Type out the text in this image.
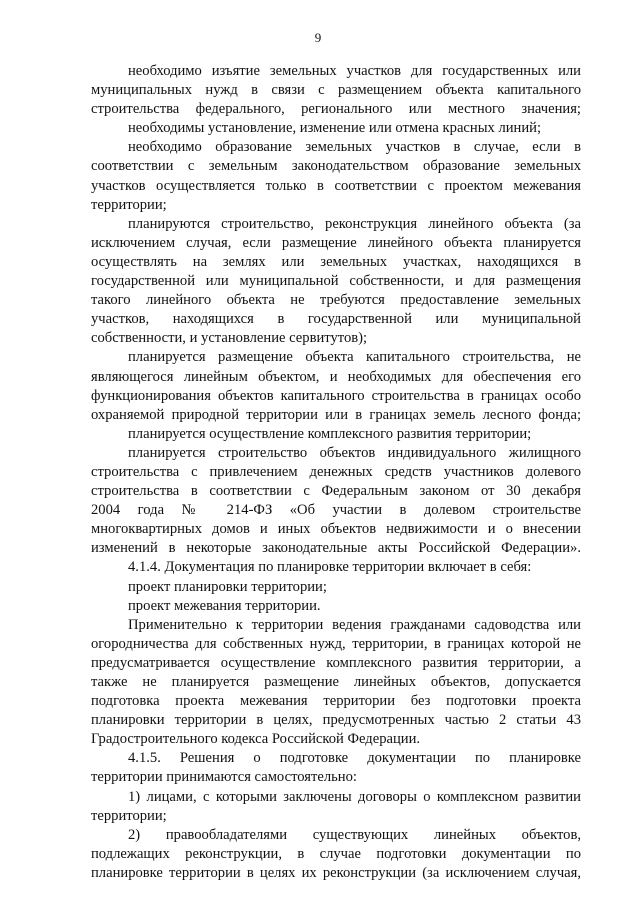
9
необходимо изъятие земельных участков для государственных или
муниципальных нужд в связи с размещением объекта капитального
строительства федерального, регионального или местного значения;
необходимы установление, изменение или отмена красных линий;
необходимо образование земельных участков в случае, если в
соответствии с земельным законодательством образование земельных
участков осуществляется только в соответствии с проектом межевания
территории;
планируются строительство, реконструкция линейного объекта (за
исключением случая, если размещение линейного объекта планируется
осуществлять на землях или земельных участках, находящихся в
государственной или муниципальной собственности, и для размещения
такого линейного объекта не требуются предоставление земельных
участков, находящихся в государственной или муниципальной
собственности, и установление сервитутов);
планируется размещение объекта капитального строительства, не
являющегося линейным объектом, и необходимых для обеспечения его
функционирования объектов капитального строительства в границах особо
охраняемой природной территории или в границах земель лесного фонда;
планируется осуществление комплексного развития территории;
планируется строительство объектов индивидуального жилищного
строительства с привлечением денежных средств участников долевого
строительства в соответствии с Федеральным законом от 30 декабря
2004 года № 214-ФЗ «Об участии в долевом строительстве
многоквартирных домов и иных объектов недвижимости и о внесении
изменений в некоторые законодательные акты Российской Федерации».
4.1.4. Документация по планировке территории включает в себя:
проект планировки территории;
проект межевания территории.
Применительно к территории ведения гражданами садоводства или
огородничества для собственных нужд, территории, в границах которой не
предусматривается осуществление комплексного развития территории, а
также не планируется размещение линейных объектов, допускается
подготовка проекта межевания территории без подготовки проекта
планировки территории в целях, предусмотренных частью 2 статьи 43
Градостроительного кодекса Российской Федерации.
4.1.5. Решения о подготовке документации по планировке
территории принимаются самостоятельно:
1) лицами, с которыми заключены договоры о комплексном развитии
территории;
2) правообладателями существующих линейных объектов,
подлежащих реконструкции, в случае подготовки документации по
планировке территории в целях их реконструкции (за исключением случая,
